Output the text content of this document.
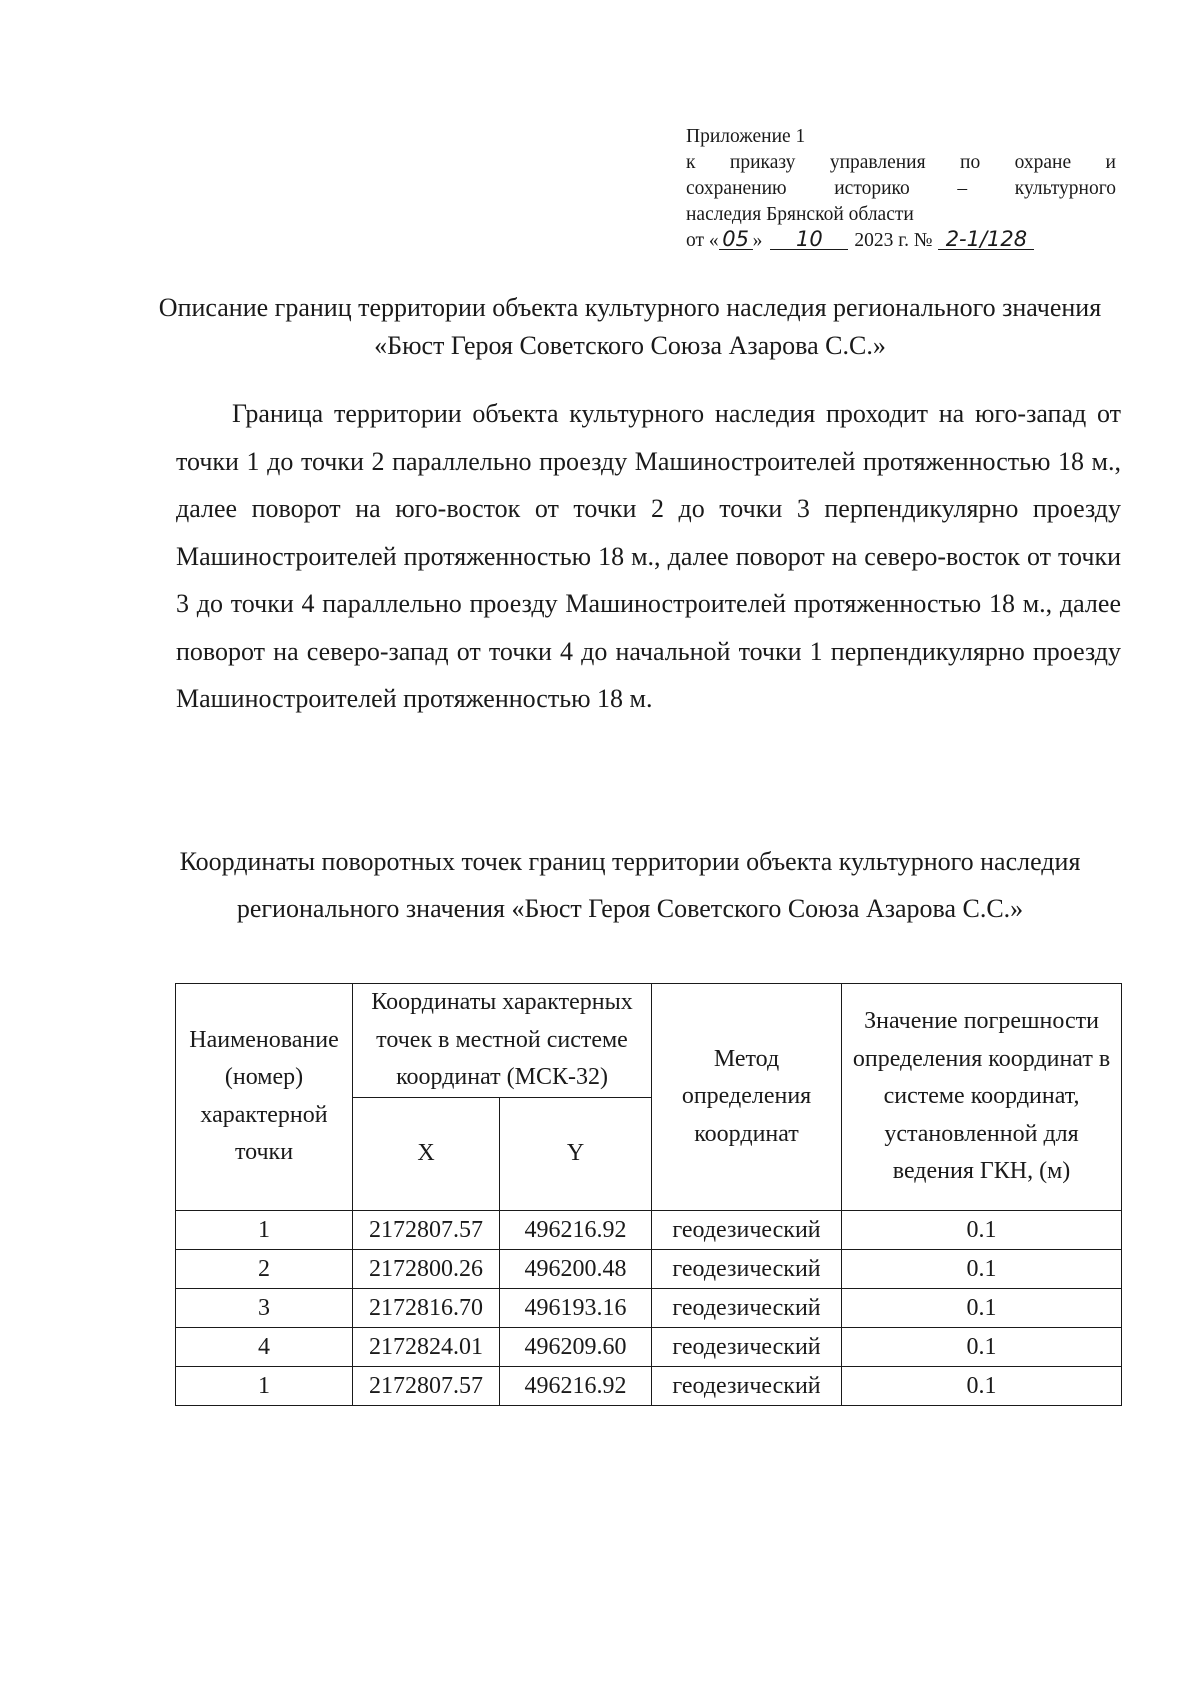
Приложение 1
к приказу управления по охране и
сохранению историко – культурного
наследия Брянской области
от « 05 » 10 2023 г. № 2-1/128
Описание границ территории объекта культурного наследия регионального значения «Бюст Героя Советского Союза Азарова С.С.»

Граница территории объекта культурного наследия проходит на юго-запад от точки 1 до точки 2 параллельно проезду Машиностроителей протяженностью 18 м., далее поворот на юго-восток от точки 2 до точки 3 перпендикулярно проезду Машиностроителей протяженностью 18 м., далее поворот на северо-восток от точки 3 до точки 4 параллельно проезду Машиностроителей протяженностью 18 м., далее поворот на северо-запад от точки 4 до начальной точки 1 перпендикулярно проезду Машиностроителей протяженностью 18 м.

Координаты поворотных точек границ территории объекта культурного наследия регионального значения «Бюст Героя Советского Союза Азарова С.С.»
Наименование (номер) характерной точки	Координаты характерных точек в местной системе координат (МСК-32)		Метод определения координат	Значение погрешности определения координат в системе координат, установленной для ведения ГКН, (м)
	X	Y		
1	2172807.57	496216.92	геодезический	0.1
2	2172800.26	496200.48	геодезический	0.1
3	2172816.70	496193.16	геодезический	0.1
4	2172824.01	496209.60	геодезический	0.1
1	2172807.57	496216.92	геодезический	0.1
